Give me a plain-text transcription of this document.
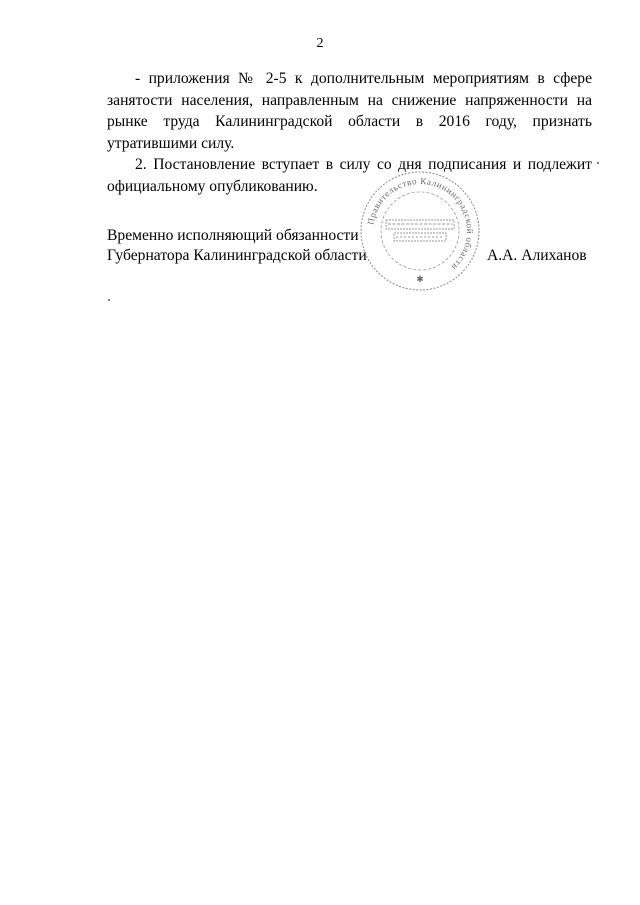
2

- приложения № 2-5 к дополнительным мероприятиям в сфере занятости населения, направленным на снижение напряженности на рынке труда Калининградской области в 2016 году, признать утратившими силу.

2. Постановление вступает в силу со дня подписания и подлежит официальному опубликованию.

Временно исполняющий обязанности
Губернатора Калининградской области	А.А. Алиханов
Правительство Калининградской области
✱
